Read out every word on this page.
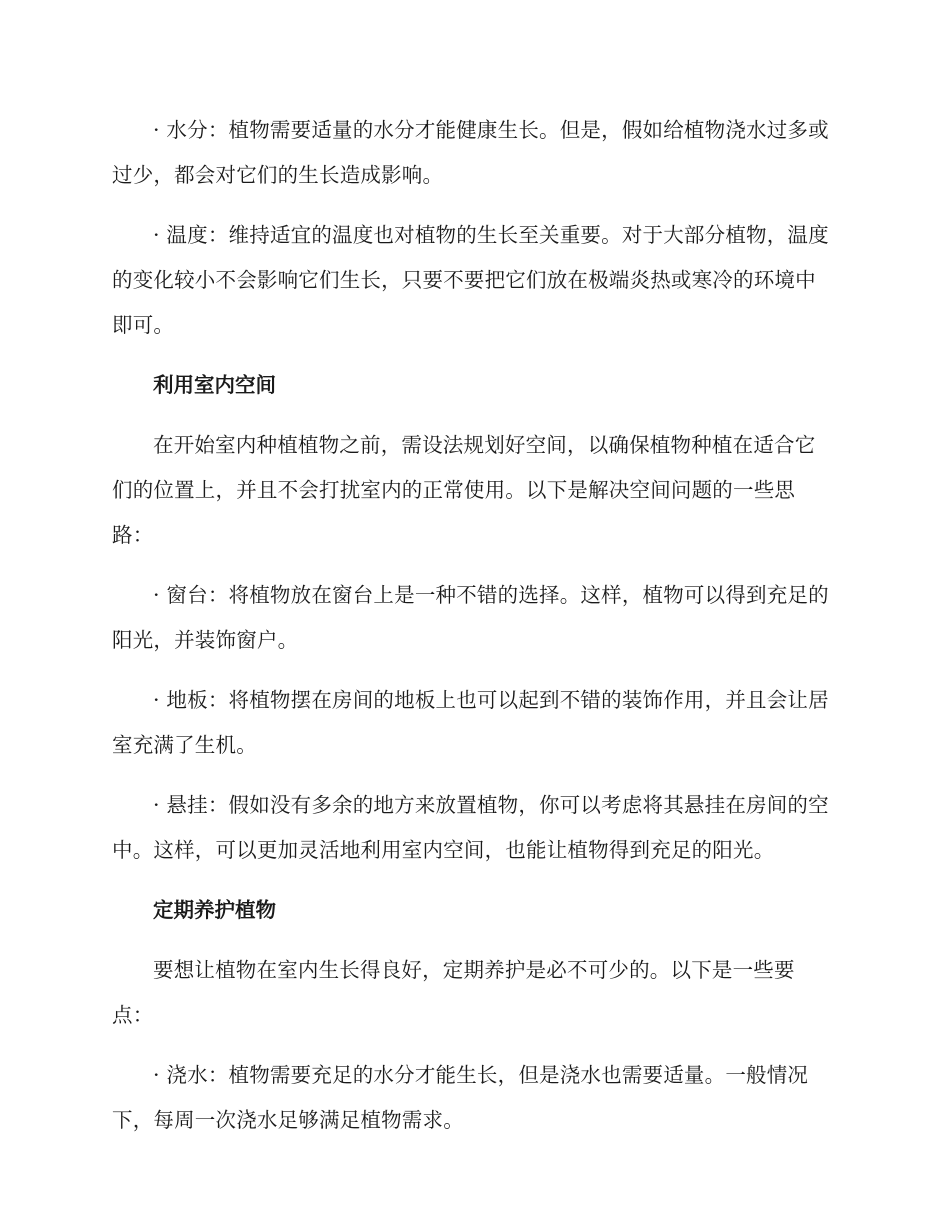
· 水分：植物需要适量的水分才能健康生长。但是，假如给植物浇水过多或过少，都会对它们的生长造成影响。

· 温度：维持适宜的温度也对植物的生长至关重要。对于大部分植物，温度的变化较小不会影响它们生长，只要不要把它们放在极端炎热或寒冷的环境中即可。

利用室内空间

在开始室内种植植物之前，需设法规划好空间，以确保植物种植在适合它们的位置上，并且不会打扰室内的正常使用。以下是解决空间问题的一些思路：

· 窗台：将植物放在窗台上是一种不错的选择。这样，植物可以得到充足的阳光，并装饰窗户。

· 地板：将植物摆在房间的地板上也可以起到不错的装饰作用，并且会让居室充满了生机。

· 悬挂：假如没有多余的地方来放置植物，你可以考虑将其悬挂在房间的空中。这样，可以更加灵活地利用室内空间，也能让植物得到充足的阳光。

定期养护植物

要想让植物在室内生长得良好，定期养护是必不可少的。以下是一些要点：

· 浇水：植物需要充足的水分才能生长，但是浇水也需要适量。一般情况下，每周一次浇水足够满足植物需求。
